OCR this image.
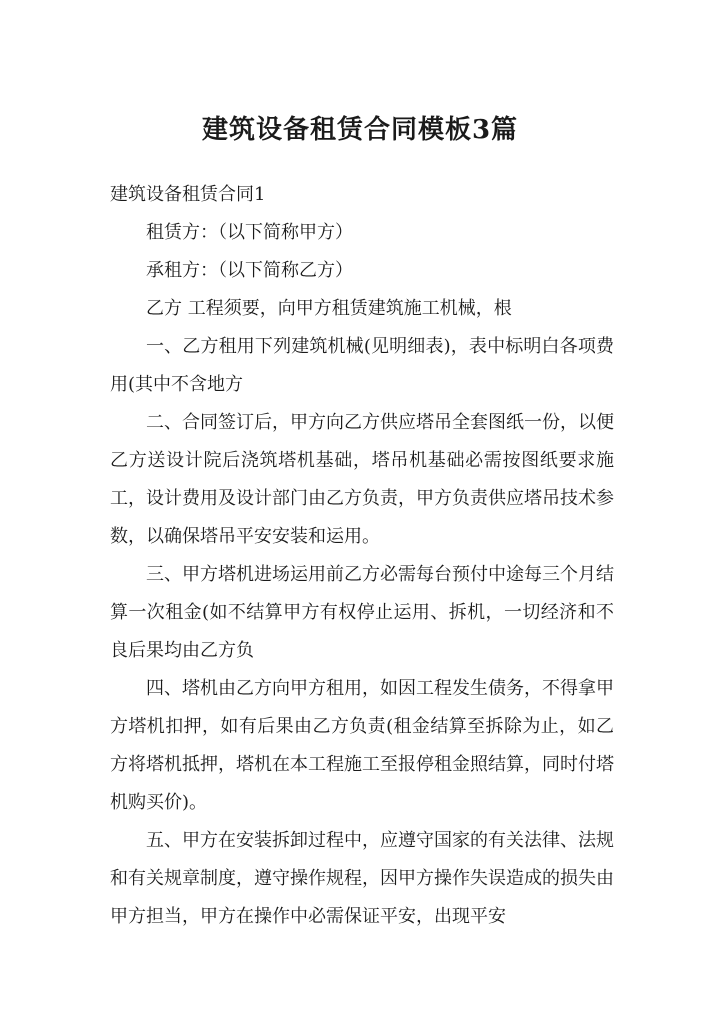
建筑设备租赁合同模板3篇

建筑设备租赁合同1

租赁方：（以下简称甲方）

承租方：（以下简称乙方）

乙方 工程须要，向甲方租赁建筑施工机械，根

一、乙方租用下列建筑机械(见明细表)，表中标明白各项费用(其中不含地方

二、合同签订后，甲方向乙方供应塔吊全套图纸一份，以便乙方送设计院后浇筑塔机基础，塔吊机基础必需按图纸要求施工，设计费用及设计部门由乙方负责，甲方负责供应塔吊技术参数，以确保塔吊平安安装和运用。

三、甲方塔机进场运用前乙方必需每台预付中途每三个月结算一次租金(如不结算甲方有权停止运用、拆机，一切经济和不良后果均由乙方负

四、塔机由乙方向甲方租用，如因工程发生债务，不得拿甲方塔机扣押，如有后果由乙方负责(租金结算至拆除为止，如乙方将塔机抵押，塔机在本工程施工至报停租金照结算，同时付塔机购买价)。

五、甲方在安装拆卸过程中，应遵守国家的有关法律、法规和有关规章制度，遵守操作规程，因甲方操作失误造成的损失由甲方担当，甲方在操作中必需保证平安，出现平安
